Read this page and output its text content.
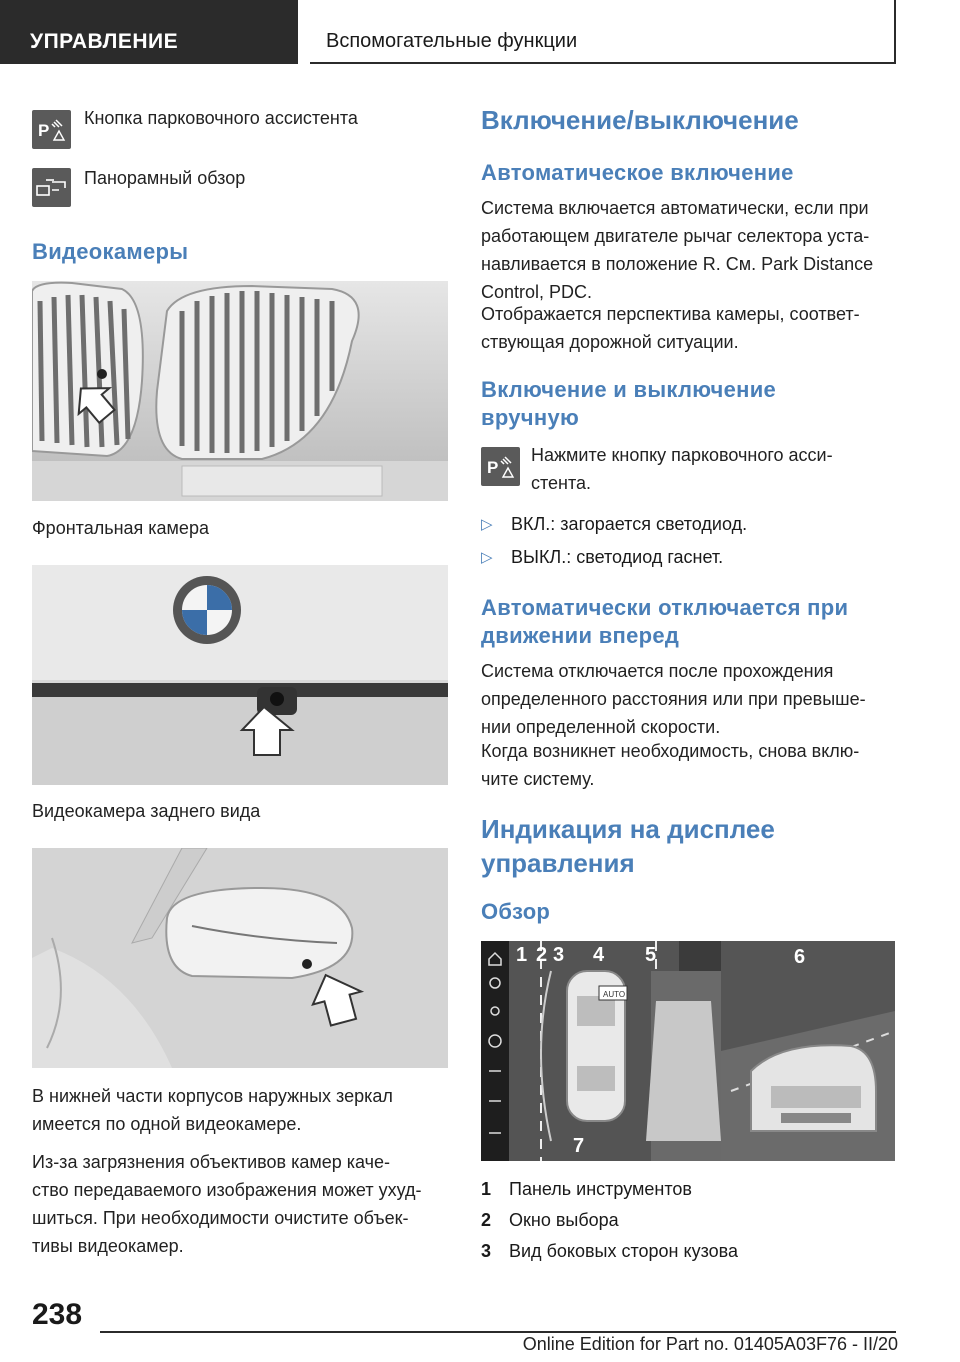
УПРАВЛЕНИЕ	Вспомогательные функции
P
Кнопка парковочного ассистента
Панорамный обзор
Видеокамеры
Фронтальная камера
Видеокамера заднего вида
В нижней части корпусов наружных зеркал
имеется по одной видеокамере.
Из-за загрязнения объективов камер каче-
ство передаваемого изображения может ухуд-
шиться. При необходимости очистите объек-
тивы видеокамер.
Включение/выключение
Автоматическое включение
Система включается автоматически, если при
работающем двигателе рычаг селектора уста-
навливается в положение R. См. Park Distance
Control, PDC.
Отображается перспектива камеры, соответ-
ствующая дорожной ситуации.
Включение и выключение
вручную
P
Нажмите кнопку парковочного асси-
стента.
▷ ВКЛ.: загорается светодиод.
▷ ВЫКЛ.: светодиод гаснет.
Автоматически отключается при
движении вперед
Система отключается после прохождения
определенного расстояния или при превыше-
нии определенной скорости.
Когда возникнет необходимость, снова вклю-
чите систему.
Индикация на дисплее
управления
Обзор
AUTO
1 2 3 4 5	6
7
1 Панель инструментов
2 Окно выбора
3 Вид боковых сторон кузова
238
Online Edition for Part no. 01405A03F76 - II/20
